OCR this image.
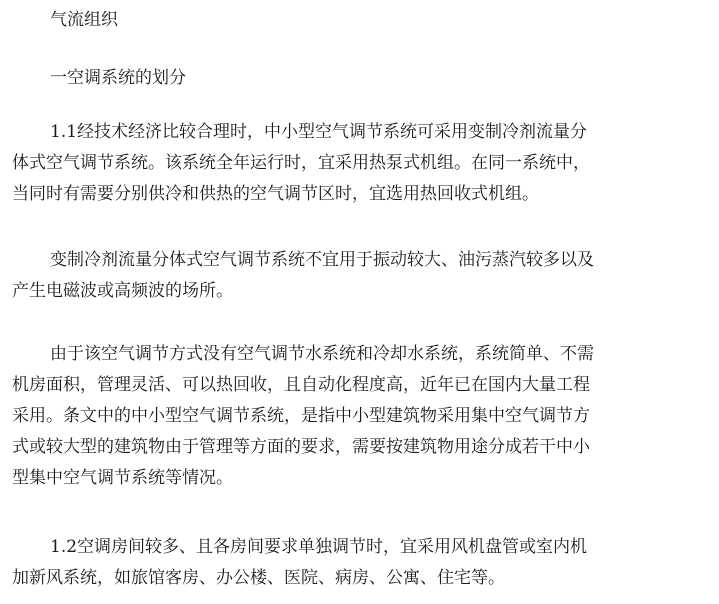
气流组织
一空调系统的划分
1.1经技术经济比较合理时，中小型空气调节系统可采用变制冷剂流量分
体式空气调节系统。该系统全年运行时，宜采用热泵式机组。在同一系统中，
当同时有需要分别供冷和供热的空气调节区时，宜选用热回收式机组。
变制冷剂流量分体式空气调节系统不宜用于振动较大、油污蒸汽较多以及
产生电磁波或高频波的场所。
由于该空气调节方式没有空气调节水系统和冷却水系统，系统简单、不需
机房面积，管理灵活、可以热回收，且自动化程度高，近年已在国内大量工程
采用。条文中的中小型空气调节系统，是指中小型建筑物采用集中空气调节方
式或较大型的建筑物由于管理等方面的要求，需要按建筑物用途分成若干中小
型集中空气调节系统等情况。
1.2空调房间较多、且各房间要求单独调节时，宜采用风机盘管或室内机
加新风系统，如旅馆客房、办公楼、医院、病房、公寓、住宅等。
